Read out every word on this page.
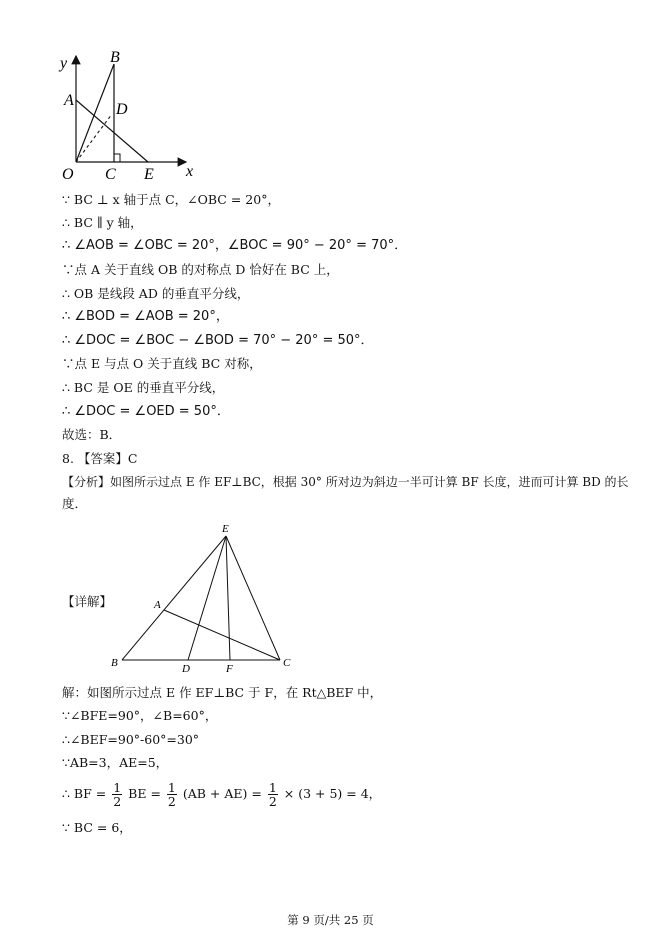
y
x
O C E
B
A
D
∵ BC ⊥ x 轴于点 C，∠OBC = 20°，
∴ BC ∥ y 轴，
∴ ∠AOB = ∠OBC = 20°，∠BOC = 90° − 20° = 70°．
∵点 A 关于直线 OB 的对称点 D 恰好在 BC 上，
∴ OB 是线段 AD 的垂直平分线，
∴ ∠BOD = ∠AOB = 20°，
∴ ∠DOC = ∠BOC − ∠BOD = 70° − 20° = 50°．
∵点 E 与点 O 关于直线 BC 对称，
∴ BC 是 OE 的垂直平分线，
∴ ∠DOC = ∠OED = 50°．
故选：B．
8. 【答案】C
【分析】如图所示过点 E 作 EF⊥BC，根据 30° 所对边为斜边一半可计算 BF 长度，进而可计算 BD 的长
度．
【详解】
E
A
B	D	F	C
解：如图所示过点 E 作 EF⊥BC 于 F，在 Rt△BEF 中，
∵∠BFE=90°，∠B=60°，
∴∠BEF=90°-60°=30°
∵AB=3，AE=5，
∴ BF = $\frac{1}{2}$ BE = $\frac{1}{2} (AB + AE) = \frac{1}{2} \times (3 + 5) = 4$，
∵ BC = 6，
第 9 页/共 25 页
